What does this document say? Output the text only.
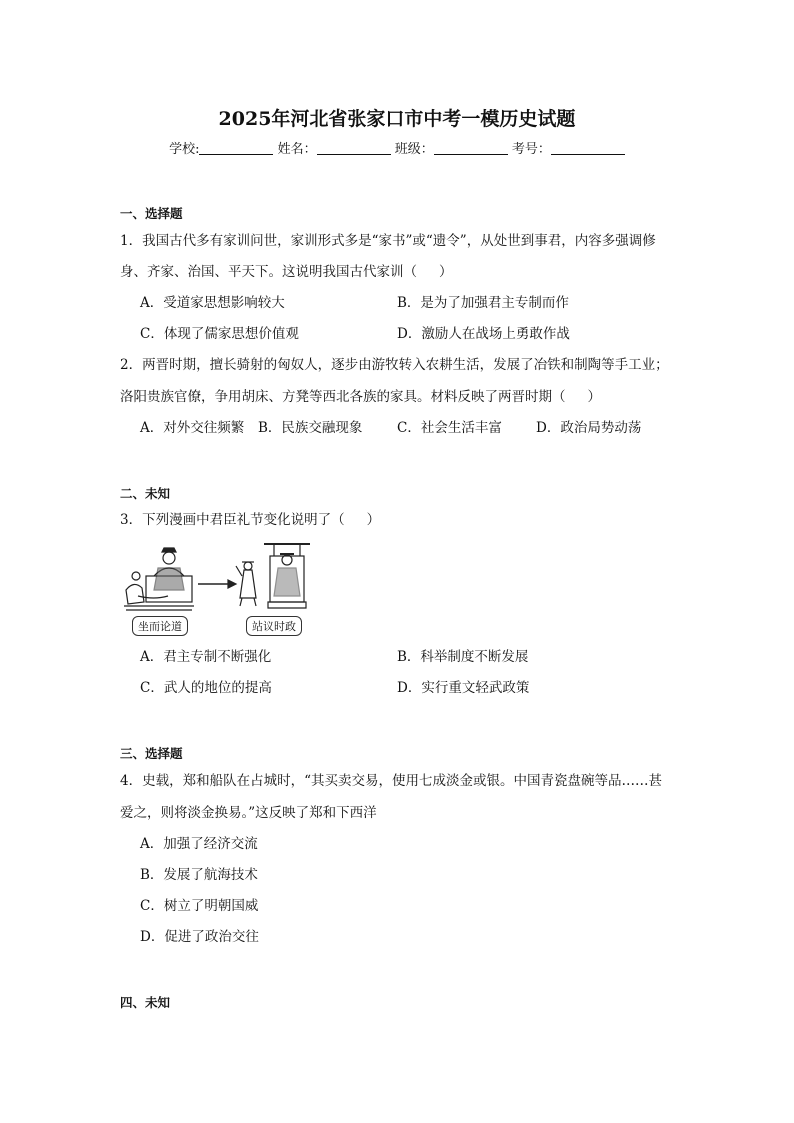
2025年河北省张家口市中考一模历史试题
学校:	姓名：	班级：	考号：
一、选择题
1．我国古代多有家训问世，家训形式多是“家书”或“遗令”，从处世到事君，内容多强调修
身、齐家、治国、平天下。这说明我国古代家训（ ）
A．受道家思想影响较大	B．是为了加强君主专制而作
C．体现了儒家思想价值观	D．激励人在战场上勇敢作战
2．两晋时期，擅长骑射的匈奴人，逐步由游牧转入农耕生活，发展了冶铁和制陶等手工业；
洛阳贵族官僚，争用胡床、方凳等西北各族的家具。材料反映了两晋时期（ ）
A．对外交往频繁 B．民族交融现象	C．社会生活丰富	D．政治局势动荡
二、未知
3．下列漫画中君臣礼节变化说明了（ ）
坐而论道	站议时政
A．君主专制不断强化	B．科举制度不断发展
C．武人的地位的提高	D．实行重文轻武政策
三、选择题
4．史载，郑和船队在占城时，“其买卖交易，使用七成淡金或银。中国青瓷盘碗等品……甚
爱之，则将淡金换易。”这反映了郑和下西洋
A．加强了经济交流
B．发展了航海技术
C．树立了明朝国威
D．促进了政治交往
四、未知
